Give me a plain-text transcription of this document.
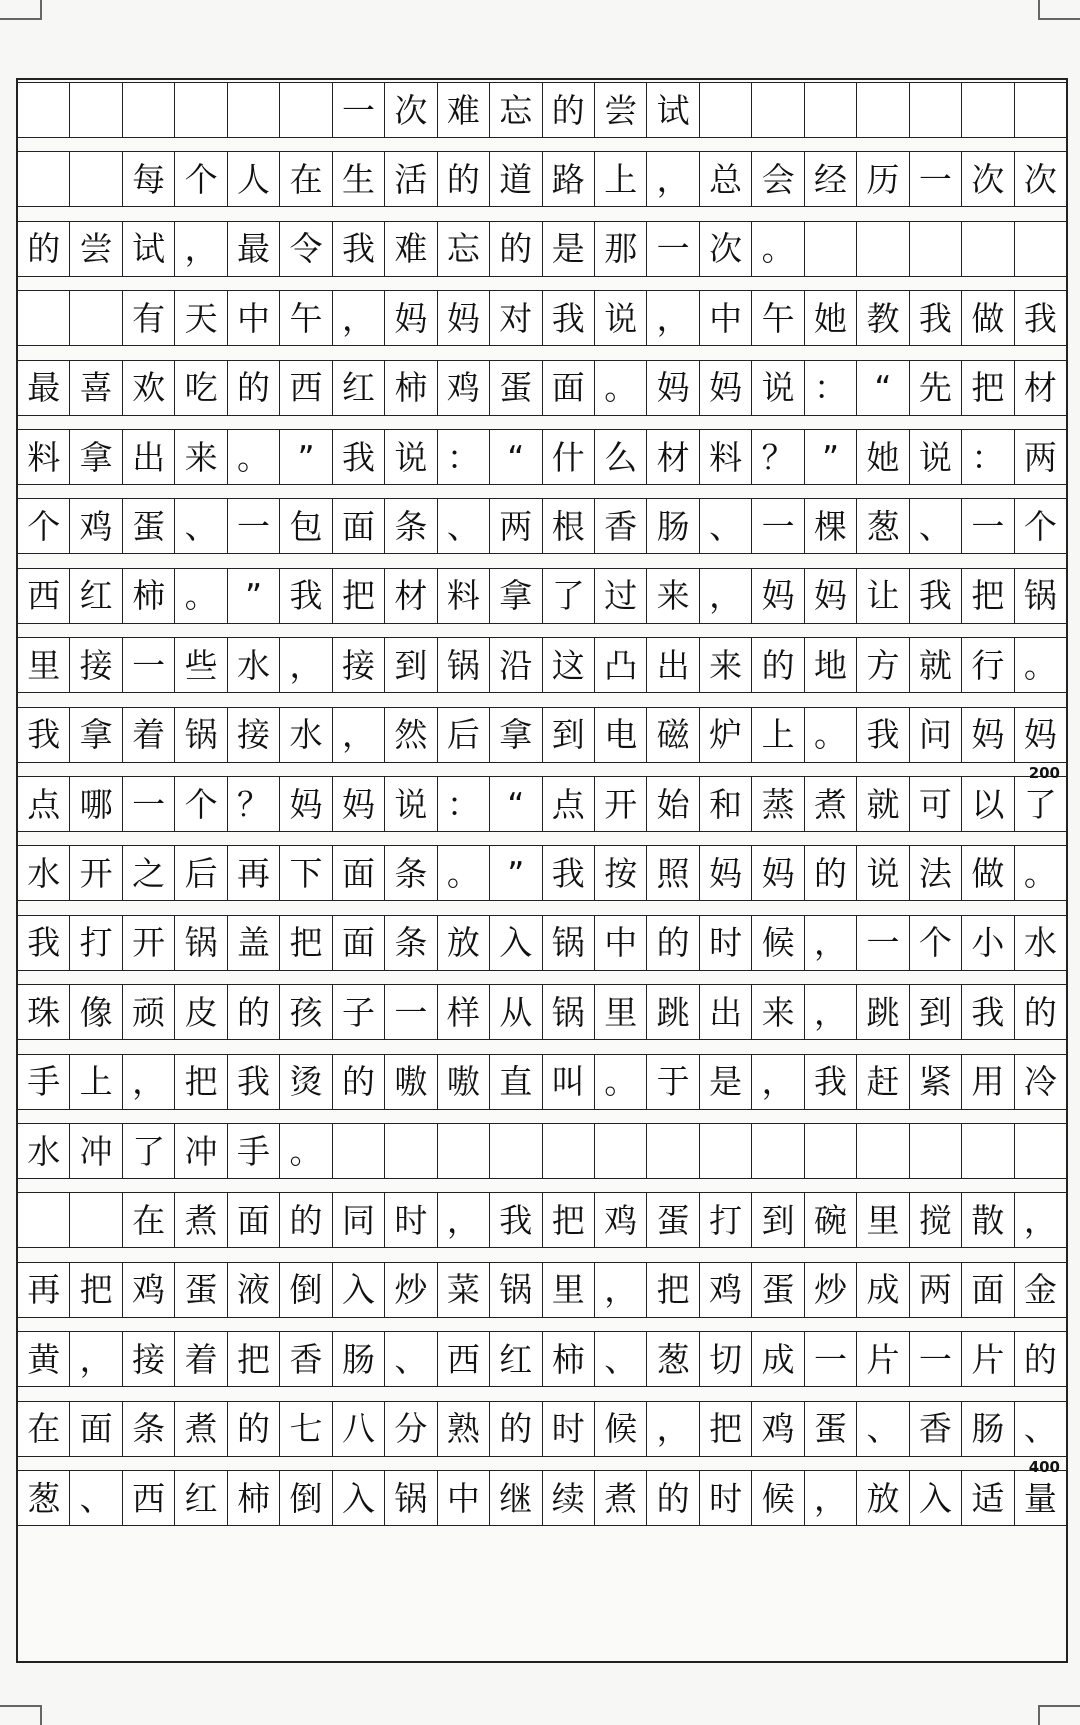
一 次 难 忘 的 尝 试
每 个 人 在 生 活 的 道 路 上 ， 总 会 经 历 一 次 次
的 尝 试 ， 最 令 我 难 忘 的 是 那 一 次 。
有 天 中 午 ， 妈 妈 对 我 说 ， 中 午 她 教 我 做 我
最 喜 欢 吃 的 西 红 柿 鸡 蛋 面 。 妈 妈 说 ： “ 先 把 材
料 拿 出 来 。 ” 我 说 ： “ 什 么 材 料 ？ ” 她 说 ： 两
个 鸡 蛋 、 一 包 面 条 、 两 根 香 肠 、 一 棵 葱 、 一 个
西 红 柿 。 ” 我 把 材 料 拿 了 过 来 ， 妈 妈 让 我 把 锅
里 接 一 些 水 ， 接 到 锅 沿 这 凸 出 来 的 地 方 就 行 。
我 拿 着 锅 接 水 ， 然 后 拿 到 电 磁 炉 上 。 我 问 妈 妈
点 哪 一 个 ？ 妈 妈 说 ： “ 点 开 始 和 蒸 煮 就 可 以 了
水 开 之 后 再 下 面 条 。 ” 我 按 照 妈 妈 的 说 法 做 。
我 打 开 锅 盖 把 面 条 放 入 锅 中 的 时 候 ， 一 个 小 水
珠 像 顽 皮 的 孩 子 一 样 从 锅 里 跳 出 来 ， 跳 到 我 的
手 上 ， 把 我 烫 的 嗷 嗷 直 叫 。 于 是 ， 我 赶 紧 用 冷
水 冲 了 冲 手 。
在 煮 面 的 同 时 ， 我 把 鸡 蛋 打 到 碗 里 搅 散 ，
再 把 鸡 蛋 液 倒 入 炒 菜 锅 里 ， 把 鸡 蛋 炒 成 两 面 金
黄 ， 接 着 把 香 肠 、 西 红 柿 、 葱 切 成 一 片 一 片 的
在 面 条 煮 的 七 八 分 熟 的 时 候 ， 把 鸡 蛋 、 香 肠 、
葱 、 西 红 柿 倒 入 锅 中 继 续 煮 的 时 候 ， 放 入 适 量
200
400
